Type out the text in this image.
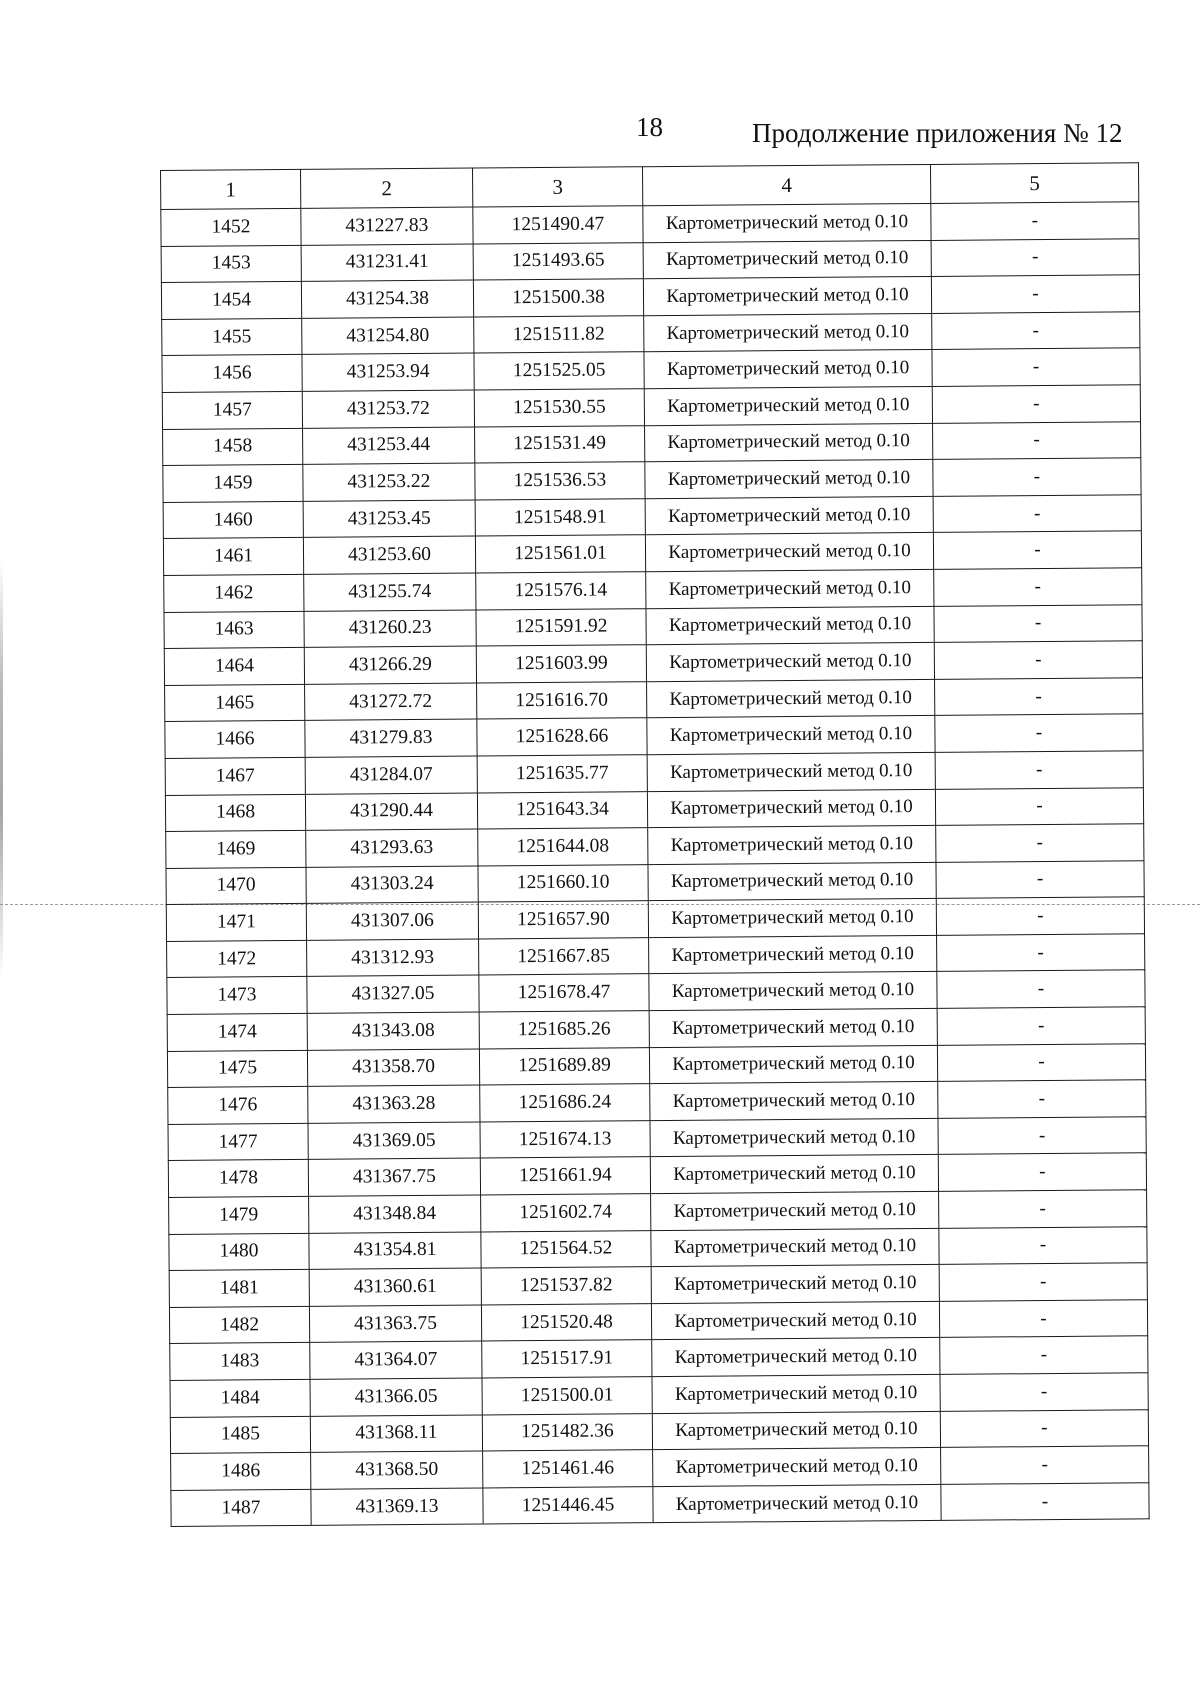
18	Продолжение приложения № 12
1	2	3	4	5
1452	431227.83	1251490.47	Картометрический метод 0.10	-
1453	431231.41	1251493.65	Картометрический метод 0.10	-
1454	431254.38	1251500.38	Картометрический метод 0.10	-
1455	431254.80	1251511.82	Картометрический метод 0.10	-
1456	431253.94	1251525.05	Картометрический метод 0.10	-
1457	431253.72	1251530.55	Картометрический метод 0.10	-
1458	431253.44	1251531.49	Картометрический метод 0.10	-
1459	431253.22	1251536.53	Картометрический метод 0.10	-
1460	431253.45	1251548.91	Картометрический метод 0.10	-
1461	431253.60	1251561.01	Картометрический метод 0.10	-
1462	431255.74	1251576.14	Картометрический метод 0.10	-
1463	431260.23	1251591.92	Картометрический метод 0.10	-
1464	431266.29	1251603.99	Картометрический метод 0.10	-
1465	431272.72	1251616.70	Картометрический метод 0.10	-
1466	431279.83	1251628.66	Картометрический метод 0.10	-
1467	431284.07	1251635.77	Картометрический метод 0.10	-
1468	431290.44	1251643.34	Картометрический метод 0.10	-
1469	431293.63	1251644.08	Картометрический метод 0.10	-
1470	431303.24	1251660.10	Картометрический метод 0.10	-
1471	431307.06	1251657.90	Картометрический метод 0.10	-
1472	431312.93	1251667.85	Картометрический метод 0.10	-
1473	431327.05	1251678.47	Картометрический метод 0.10	-
1474	431343.08	1251685.26	Картометрический метод 0.10	-
1475	431358.70	1251689.89	Картометрический метод 0.10	-
1476	431363.28	1251686.24	Картометрический метод 0.10	-
1477	431369.05	1251674.13	Картометрический метод 0.10	-
1478	431367.75	1251661.94	Картометрический метод 0.10	-
1479	431348.84	1251602.74	Картометрический метод 0.10	-
1480	431354.81	1251564.52	Картометрический метод 0.10	-
1481	431360.61	1251537.82	Картометрический метод 0.10	-
1482	431363.75	1251520.48	Картометрический метод 0.10	-
1483	431364.07	1251517.91	Картометрический метод 0.10	-
1484	431366.05	1251500.01	Картометрический метод 0.10	-
1485	431368.11	1251482.36	Картометрический метод 0.10	-
1486	431368.50	1251461.46	Картометрический метод 0.10	-
1487	431369.13	1251446.45	Картометрический метод 0.10	-
